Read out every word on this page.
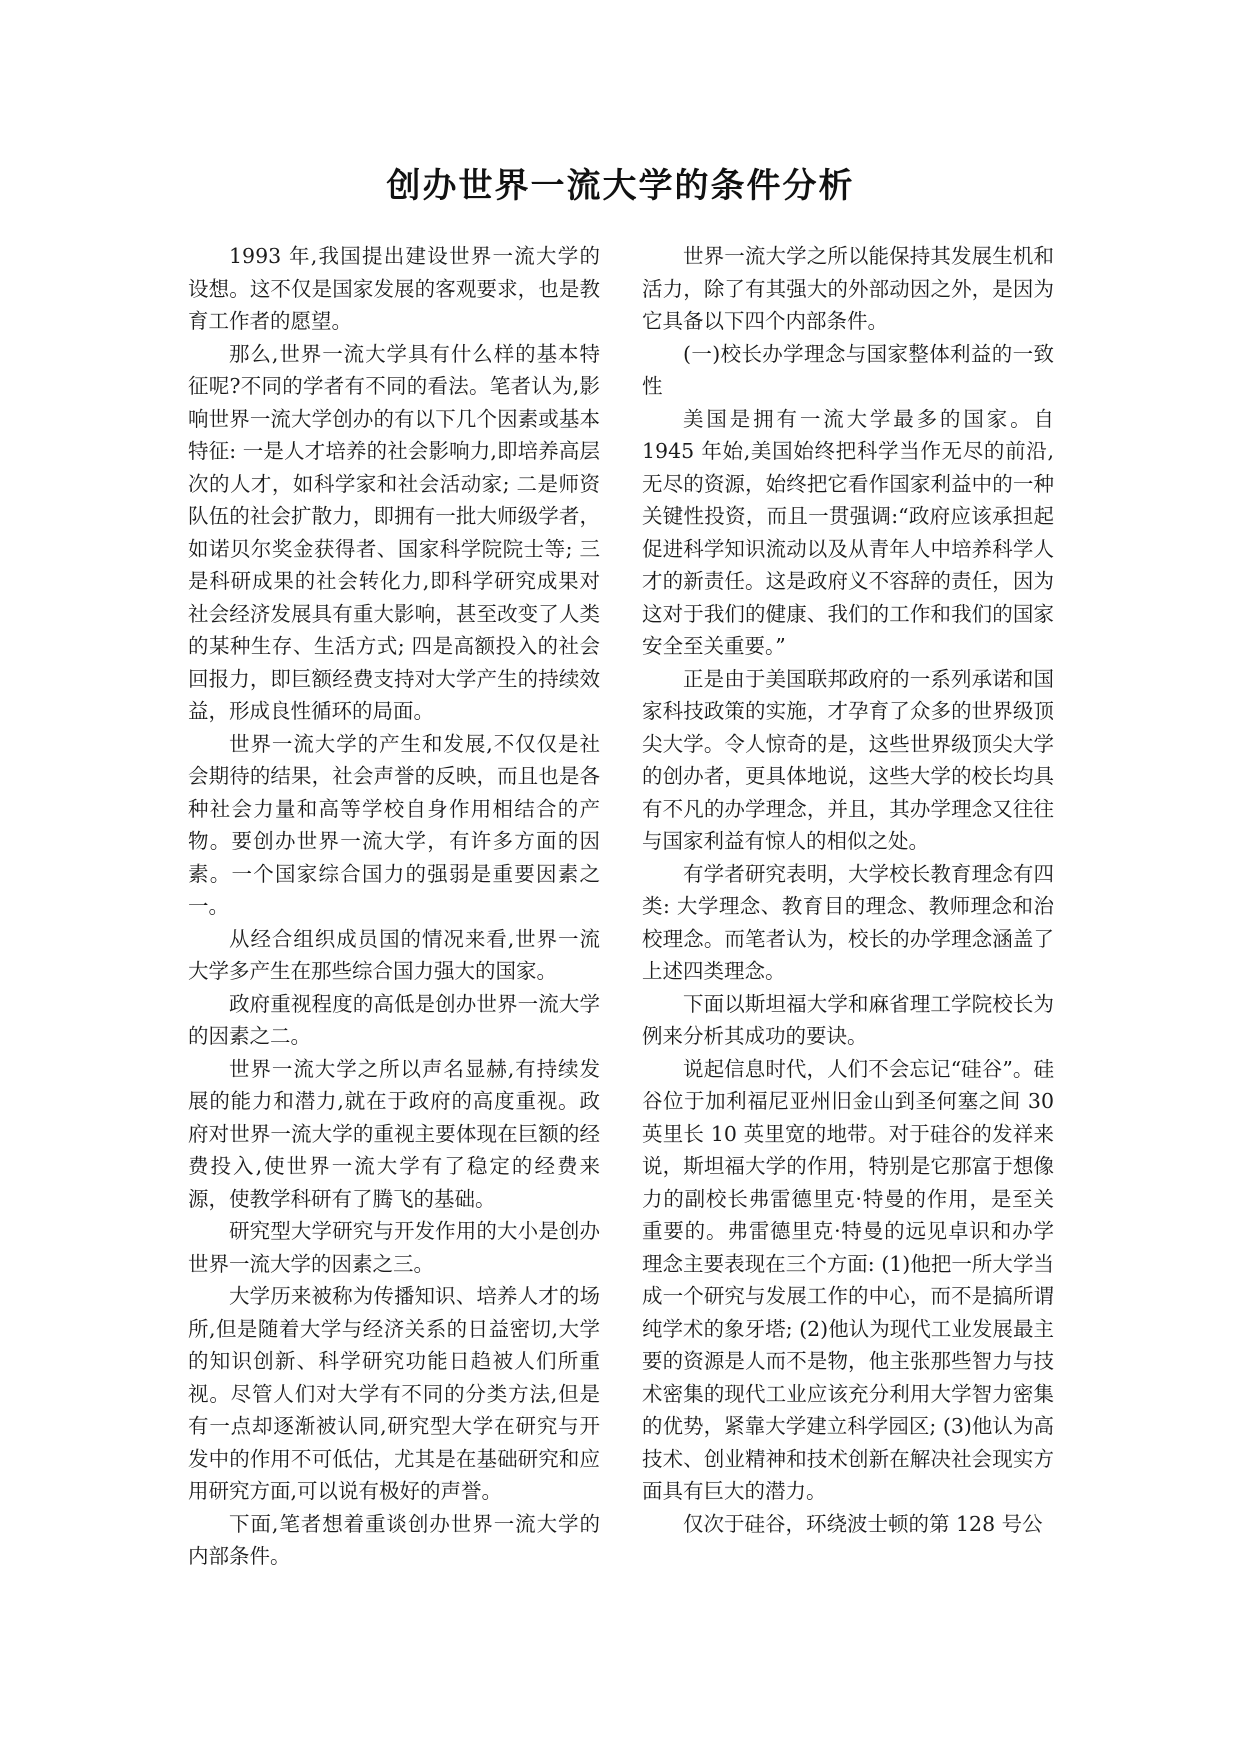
创办世界一流大学的条件分析

1993 年,我国提出建设世界一流大学的设想。这不仅是国家发展的客观要求，也是教育工作者的愿望。

那么,世界一流大学具有什么样的基本特征呢?不同的学者有不同的看法。笔者认为,影响世界一流大学创办的有以下几个因素或基本特征: 一是人才培养的社会影响力,即培养高层次的人才，如科学家和社会活动家; 二是师资队伍的社会扩散力，即拥有一批大师级学者，如诺贝尔奖金获得者、国家科学院院士等; 三是科研成果的社会转化力,即科学研究成果对社会经济发展具有重大影响，甚至改变了人类的某种生存、生活方式; 四是高额投入的社会回报力，即巨额经费支持对大学产生的持续效益，形成良性循环的局面。

世界一流大学的产生和发展,不仅仅是社会期待的结果，社会声誉的反映，而且也是各种社会力量和高等学校自身作用相结合的产物。要创办世界一流大学，有许多方面的因素。一个国家综合国力的强弱是重要因素之一。

从经合组织成员国的情况来看,世界一流大学多产生在那些综合国力强大的国家。

政府重视程度的高低是创办世界一流大学的因素之二。

世界一流大学之所以声名显赫,有持续发展的能力和潜力,就在于政府的高度重视。政府对世界一流大学的重视主要体现在巨额的经费投入,使世界一流大学有了稳定的经费来源，使教学科研有了腾飞的基础。

研究型大学研究与开发作用的大小是创办世界一流大学的因素之三。

大学历来被称为传播知识、培养人才的场所,但是随着大学与经济关系的日益密切,大学的知识创新、科学研究功能日趋被人们所重视。尽管人们对大学有不同的分类方法,但是有一点却逐渐被认同,研究型大学在研究与开发中的作用不可低估，尤其是在基础研究和应用研究方面,可以说有极好的声誉。

下面,笔者想着重谈创办世界一流大学的内部条件。

世界一流大学之所以能保持其发展生机和活力，除了有其强大的外部动因之外，是因为它具备以下四个内部条件。

(一)校长办学理念与国家整体利益的一致性

美国是拥有一流大学最多的国家。自 1945 年始,美国始终把科学当作无尽的前沿,无尽的资源，始终把它看作国家利益中的一种关键性投资，而且一贯强调:“政府应该承担起促进科学知识流动以及从青年人中培养科学人才的新责任。这是政府义不容辞的责任，因为这对于我们的健康、我们的工作和我们的国家安全至关重要。”

正是由于美国联邦政府的一系列承诺和国家科技政策的实施，才孕育了众多的世界级顶尖大学。令人惊奇的是，这些世界级顶尖大学的创办者，更具体地说，这些大学的校长均具有不凡的办学理念，并且，其办学理念又往往与国家利益有惊人的相似之处。

有学者研究表明，大学校长教育理念有四类: 大学理念、教育目的理念、教师理念和治校理念。而笔者认为，校长的办学理念涵盖了上述四类理念。

下面以斯坦福大学和麻省理工学院校长为例来分析其成功的要诀。

说起信息时代，人们不会忘记“硅谷”。硅谷位于加利福尼亚州旧金山到圣何塞之间 30 英里长 10 英里宽的地带。对于硅谷的发祥来说，斯坦福大学的作用，特别是它那富于想像力的副校长弗雷德里克·特曼的作用，是至关重要的。弗雷德里克·特曼的远见卓识和办学理念主要表现在三个方面: (1)他把一所大学当成一个研究与发展工作的中心，而不是搞所谓纯学术的象牙塔; (2)他认为现代工业发展最主要的资源是人而不是物，他主张那些智力与技术密集的现代工业应该充分利用大学智力密集的优势，紧靠大学建立科学园区; (3)他认为高技术、创业精神和技术创新在解决社会现实方面具有巨大的潜力。

仅次于硅谷，环绕波士顿的第 128 号公
